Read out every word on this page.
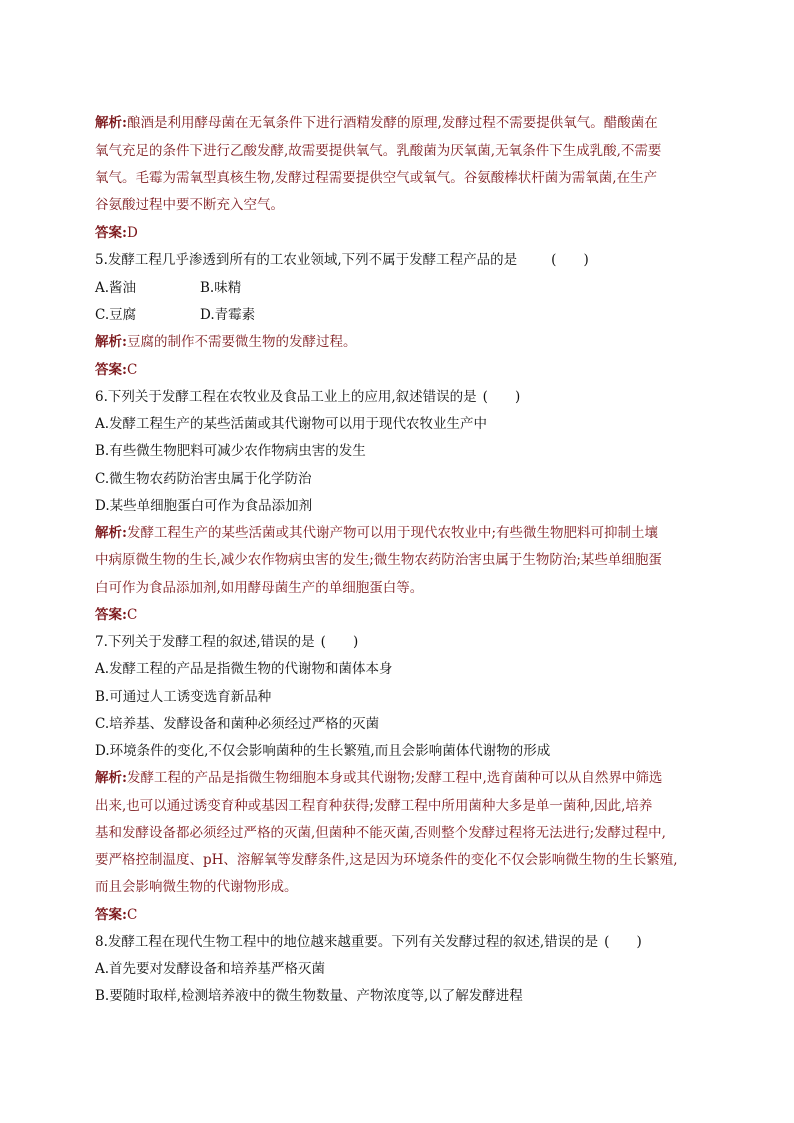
解析:酿酒是利用酵母菌在无氧条件下进行酒精发酵的原理,发酵过程不需要提供氧气。醋酸菌在
氧气充足的条件下进行乙酸发酵,故需要提供氧气。乳酸菌为厌氧菌,无氧条件下生成乳酸,不需要
氧气。毛霉为需氧型真核生物,发酵过程需要提供空气或氧气。谷氨酸棒状杆菌为需氧菌,在生产
谷氨酸过程中要不断充入空气。
答案:D
5.发酵工程几乎渗透到所有的工农业领域,下列不属于发酵工程产品的是	(　　)
A.酱油	B.味精
C.豆腐	D.青霉素
解析:豆腐的制作不需要微生物的发酵过程。
答案:C
6.下列关于发酵工程在农牧业及食品工业上的应用,叙述错误的是 (　　)
A.发酵工程生产的某些活菌或其代谢物可以用于现代农牧业生产中
B.有些微生物肥料可减少农作物病虫害的发生
C.微生物农药防治害虫属于化学防治
D.某些单细胞蛋白可作为食品添加剂
解析:发酵工程生产的某些活菌或其代谢产物可以用于现代农牧业中;有些微生物肥料可抑制土壤
中病原微生物的生长,减少农作物病虫害的发生;微生物农药防治害虫属于生物防治;某些单细胞蛋
白可作为食品添加剂,如用酵母菌生产的单细胞蛋白等。
答案:C
7.下列关于发酵工程的叙述,错误的是 (　　)
A.发酵工程的产品是指微生物的代谢物和菌体本身
B.可通过人工诱变选育新品种
C.培养基、发酵设备和菌种必须经过严格的灭菌
D.环境条件的变化,不仅会影响菌种的生长繁殖,而且会影响菌体代谢物的形成
解析:发酵工程的产品是指微生物细胞本身或其代谢物;发酵工程中,选育菌种可以从自然界中筛选
出来,也可以通过诱变育种或基因工程育种获得;发酵工程中所用菌种大多是单一菌种,因此,培养
基和发酵设备都必须经过严格的灭菌,但菌种不能灭菌,否则整个发酵过程将无法进行;发酵过程中,
要严格控制温度、pH、溶解氧等发酵条件,这是因为环境条件的变化不仅会影响微生物的生长繁殖,
而且会影响微生物的代谢物形成。
答案:C
8.发酵工程在现代生物工程中的地位越来越重要。下列有关发酵过程的叙述,错误的是 (　　)
A.首先要对发酵设备和培养基严格灭菌
B.要随时取样,检测培养液中的微生物数量、产物浓度等,以了解发酵进程
